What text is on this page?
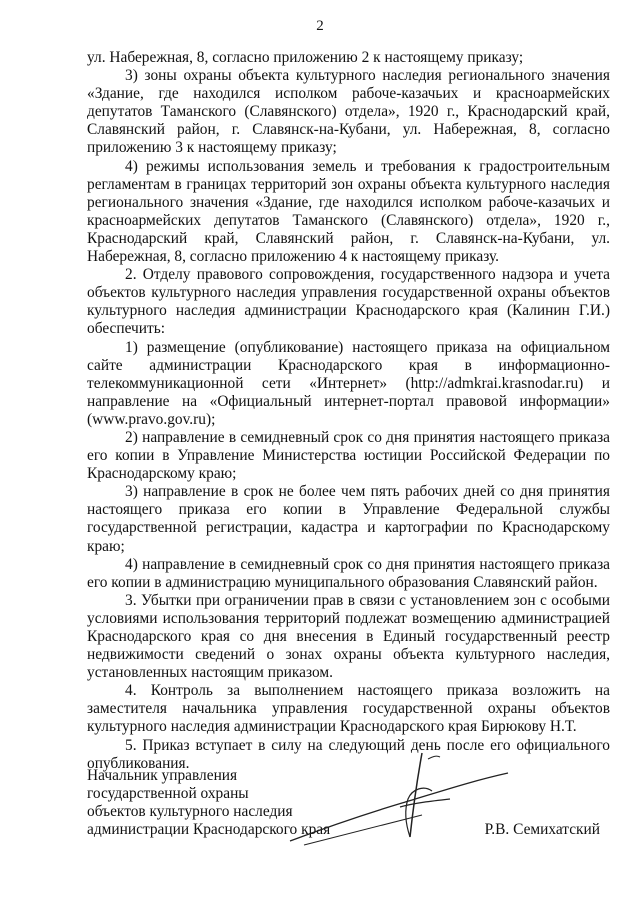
2

ул. Набережная, 8, согласно приложению 2 к настоящему приказу;

3) зоны охраны объекта культурного наследия регионального значения «Здание, где находился исполком рабоче-казачьих и красноармейских депутатов Таманского (Славянского) отдела», 1920 г., Краснодарский край, Славянский район, г. Славянск-на-Кубани, ул. Набережная, 8, согласно приложению 3 к настоящему приказу;

4) режимы использования земель и требования к градостроительным регламентам в границах территорий зон охраны объекта культурного наследия регионального значения «Здание, где находился исполком рабоче-казачьих и красноармейских депутатов Таманского (Славянского) отдела», 1920 г., Краснодарский край, Славянский район, г. Славянск-на-Кубани, ул. Набережная, 8, согласно приложению 4 к настоящему приказу.

2. Отделу правового сопровождения, государственного надзора и учета объектов культурного наследия управления государственной охраны объектов культурного наследия администрации Краснодарского края (Калинин Г.И.) обеспечить:

1) размещение (опубликование) настоящего приказа на официальном сайте администрации Краснодарского края в информационно-телекоммуникационной сети «Интернет» (http://admkrai.krasnodar.ru) и направление на «Официальный интернет-портал правовой информации» (www.pravo.gov.ru);

2) направление в семидневный срок со дня принятия настоящего приказа его копии в Управление Министерства юстиции Российской Федерации по Краснодарскому краю;

3) направление в срок не более чем пять рабочих дней со дня принятия настоящего приказа его копии в Управление Федеральной службы государственной регистрации, кадастра и картографии по Краснодарскому краю;

4) направление в семидневный срок со дня принятия настоящего приказа его копии в администрацию муниципального образования Славянский район.

3. Убытки при ограничении прав в связи с установлением зон с особыми условиями использования территорий подлежат возмещению администрацией Краснодарского края со дня внесения в Единый государственный реестр недвижимости сведений о зонах охраны объекта культурного наследия, установленных настоящим приказом.

4. Контроль за выполнением настоящего приказа возложить на заместителя начальника управления государственной охраны объектов культурного наследия администрации Краснодарского края Бирюкову Н.Т.

5. Приказ вступает в силу на следующий день после его официального опубликования.

Начальник управления
государственной охраны
объектов культурного наследия
администрации Краснодарского края	Р.В. Семихатский
